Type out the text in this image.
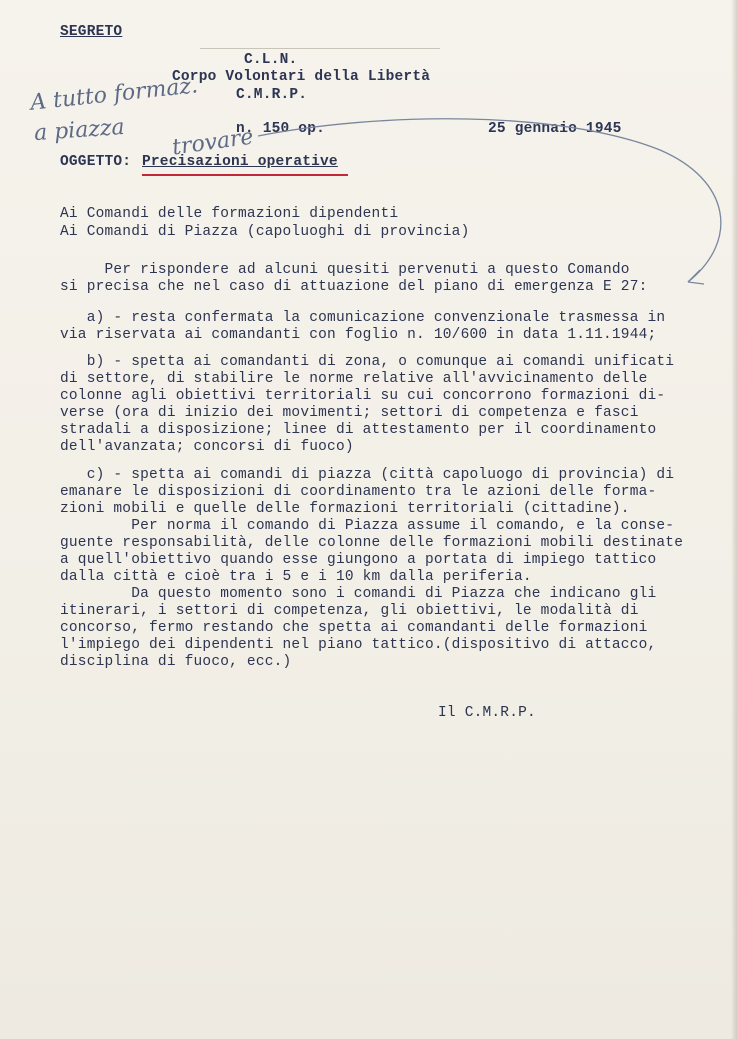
SEGRETO
C.L.N.
Corpo Volontari della Libertà
C.M.R.P.
n. 150 op.	25 gennaio 1945
OGGETTO: Precisazioni operative
A tutto formaz.
a piazza trovare
Ai Comandi delle formazioni dipendenti
Ai Comandi di Piazza (capoluoghi di provincia)
Per rispondere ad alcuni quesiti pervenuti a questo Comando
si precisa che nel caso di attuazione del piano di emergenza E 27:
a) - resta confermata la comunicazione convenzionale trasmessa in
via riservata ai comandanti con foglio n. 10/600 in data 1.11.1944;
b) - spetta ai comandanti di zona, o comunque ai comandi unificati
di settore, di stabilire le norme relative all'avvicinamento delle
colonne agli obiettivi territoriali su cui concorrono formazioni di-
verse (ora di inizio dei movimenti; settori di competenza e fasci
stradali a disposizione; linee di attestamento per il coordinamento
dell'avanzata; concorsi di fuoco)
c) - spetta ai comandi di piazza (città capoluogo di provincia) di
emanare le disposizioni di coordinamento tra le azioni delle forma-
zioni mobili e quelle delle formazioni territoriali (cittadine).
Per norma il comando di Piazza assume il comando, e la conse-
guente responsabilità, delle colonne delle formazioni mobili destinate
a quell'obiettivo quando esse giungono a portata di impiego tattico
dalla città e cioè tra i 5 e i 10 km dalla periferia.
Da questo momento sono i comandi di Piazza che indicano gli
itinerari, i settori di competenza, gli obiettivi, le modalità di
concorso, fermo restando che spetta ai comandanti delle formazioni
l'impiego dei dipendenti nel piano tattico.(dispositivo di attacco,
disciplina di fuoco, ecc.)
Il C.M.R.P.
